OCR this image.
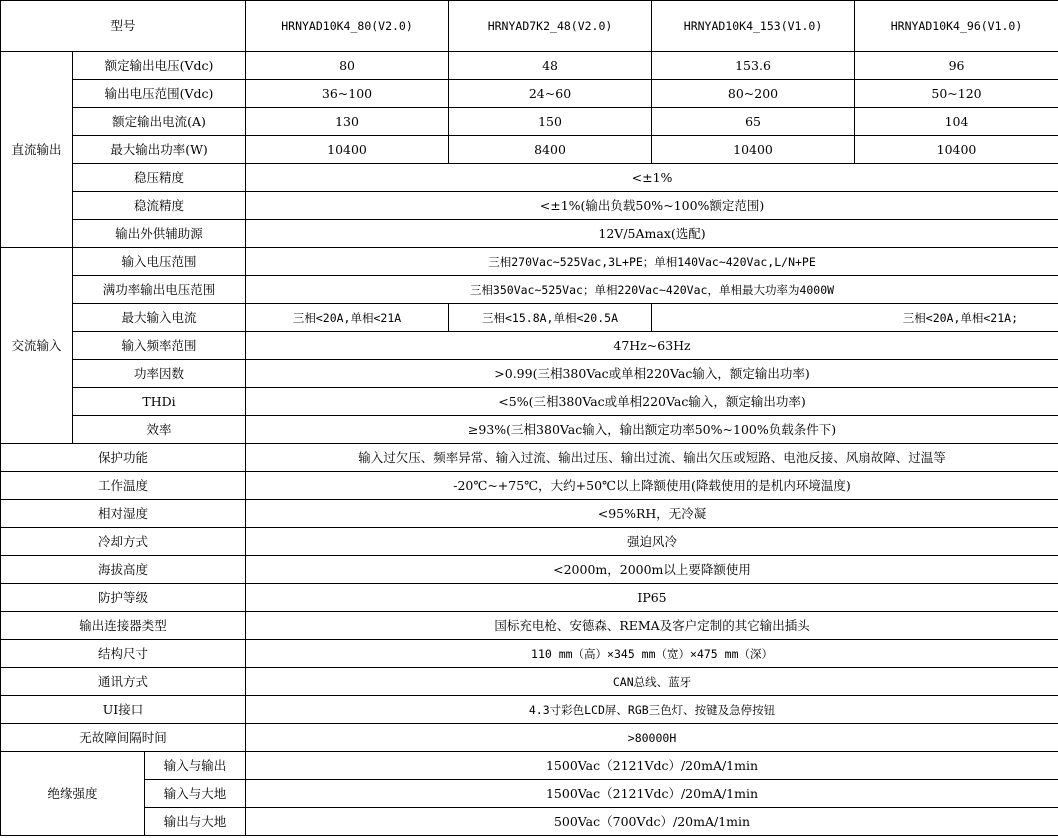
型号			HRNYAD10K4_80(V2.0)	HRNYAD7K2_48(V2.0)	HRNYAD10K4_153(V1.0)	HRNYAD10K4_96(V1.0)
直流输出	额定输出电压(Vdc)		80	48	153.6	96
	输出电压范围(Vdc)		36~100	24~60	80~200	50~120
	额定输出电流(A)		130	150	65	104
	最大输出功率(W)		10400	8400	10400	10400
	稳压精度		<±1%			
	稳流精度		<±1%(输出负载50%~100%额定范围)			
	输出外供辅助源		12V/5Amax(选配)			
交流输入	输入电压范围		三相270Vac~525Vac,3L+PE；单相140Vac~420Vac,L/N+PE			
	满功率输出电压范围		三相350Vac~525Vac；单相220Vac~420Vac，单相最大功率为4000W			
	最大输入电流		三相<20A,单相<21A	三相<15.8A,单相<20.5A	三相<20A,单相<21A;	
	输入频率范围		47Hz~63Hz			
	功率因数		>0.99(三相380Vac或单相220Vac输入，额定输出功率)			
	THDi		<5%(三相380Vac或单相220Vac输入，额定输出功率)			
	效率		≥93%(三相380Vac输入，输出额定功率50%~100%负载条件下)			
保护功能			输入过欠压、频率异常、输入过流、输出过压、输出过流、输出欠压或短路、电池反接、风扇故障、过温等			
工作温度			-20℃~+75℃，大约+50℃以上降额使用(降载使用的是机内环境温度)			
相对湿度			<95%RH，无冷凝			
冷却方式			强迫风冷			
海拔高度			<2000m，2000m以上要降额使用			
防护等级			IP65			
输出连接器类型			国标充电枪、安德森、REMA及客户定制的其它输出插头			
结构尺寸			110 mm（高）×345 mm（宽）×475 mm（深）			
通讯方式			CAN总线、蓝牙			
UI接口			4.3寸彩色LCD屏、RGB三色灯、按键及急停按钮			
无故障间隔时间			>80000H			
绝缘强度		输入与输出	1500Vac（2121Vdc）/20mA/1min			
		输入与大地	1500Vac（2121Vdc）/20mA/1min			
		输出与大地	500Vac（700Vdc）/20mA/1min			
